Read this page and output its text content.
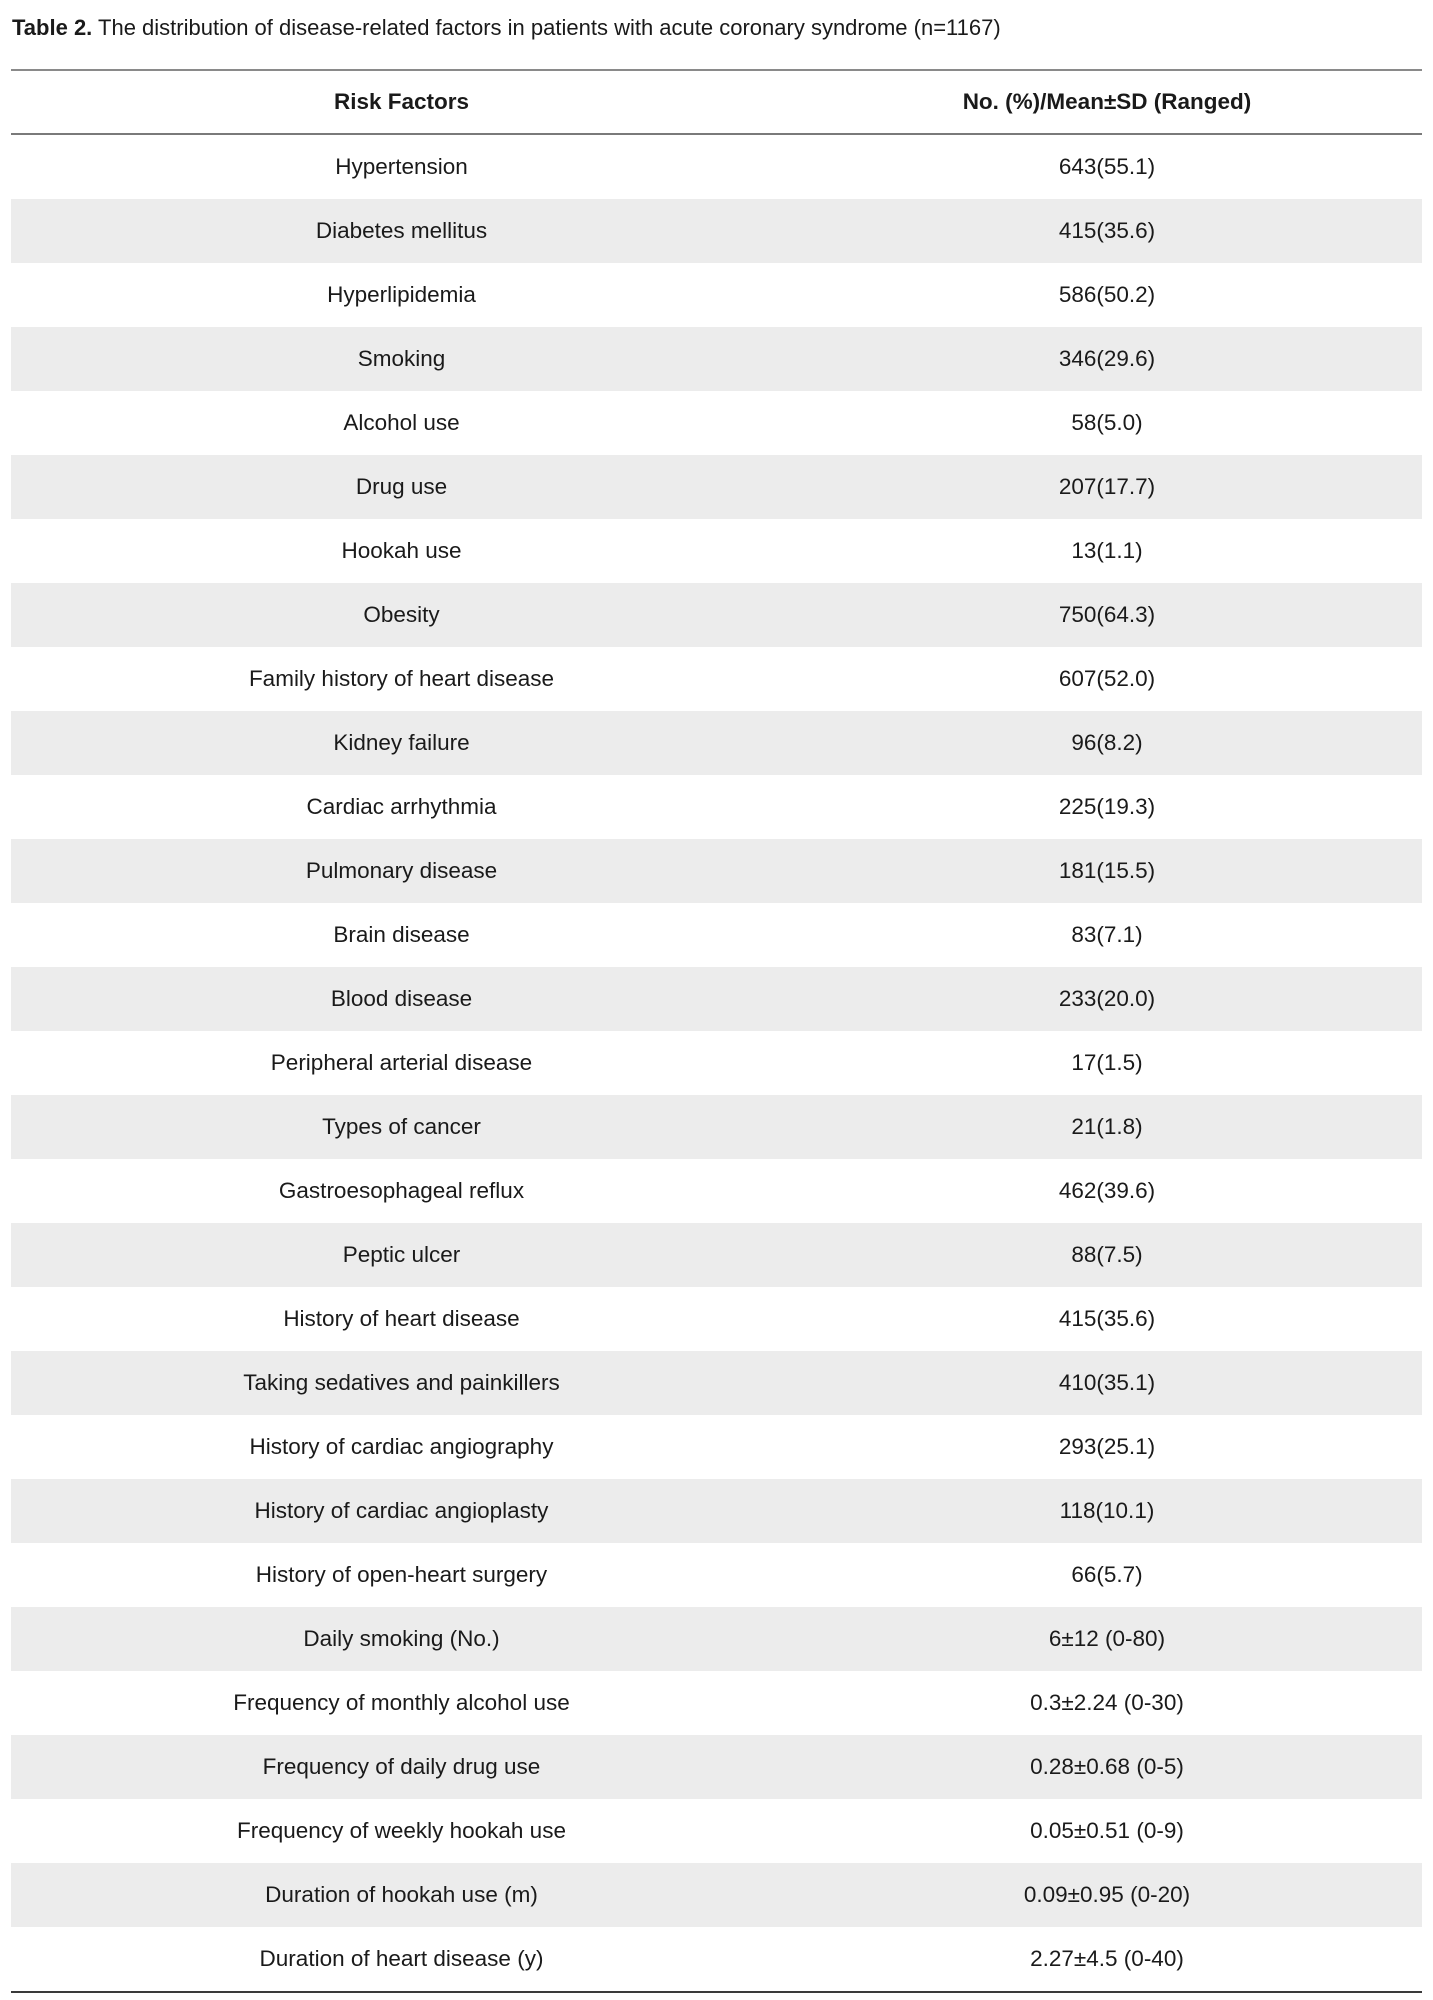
Table 2. The distribution of disease-related factors in patients with acute coronary syndrome (n=1167)
Risk Factors	No. (%)/Mean±SD (Ranged)
Hypertension	643(55.1)
Diabetes mellitus	415(35.6)
Hyperlipidemia	586(50.2)
Smoking	346(29.6)
Alcohol use	58(5.0)
Drug use	207(17.7)
Hookah use	13(1.1)
Obesity	750(64.3)
Family history of heart disease	607(52.0)
Kidney failure	96(8.2)
Cardiac arrhythmia	225(19.3)
Pulmonary disease	181(15.5)
Brain disease	83(7.1)
Blood disease	233(20.0)
Peripheral arterial disease	17(1.5)
Types of cancer	21(1.8)
Gastroesophageal reflux	462(39.6)
Peptic ulcer	88(7.5)
History of heart disease	415(35.6)
Taking sedatives and painkillers	410(35.1)
History of cardiac angiography	293(25.1)
History of cardiac angioplasty	118(10.1)
History of open-heart surgery	66(5.7)
Daily smoking (No.)	6±12 (0-80)
Frequency of monthly alcohol use	0.3±2.24 (0-30)
Frequency of daily drug use	0.28±0.68 (0-5)
Frequency of weekly hookah use	0.05±0.51 (0-9)
Duration of hookah use (m)	0.09±0.95 (0-20)
Duration of heart disease (y)	2.27±4.5 (0-40)
